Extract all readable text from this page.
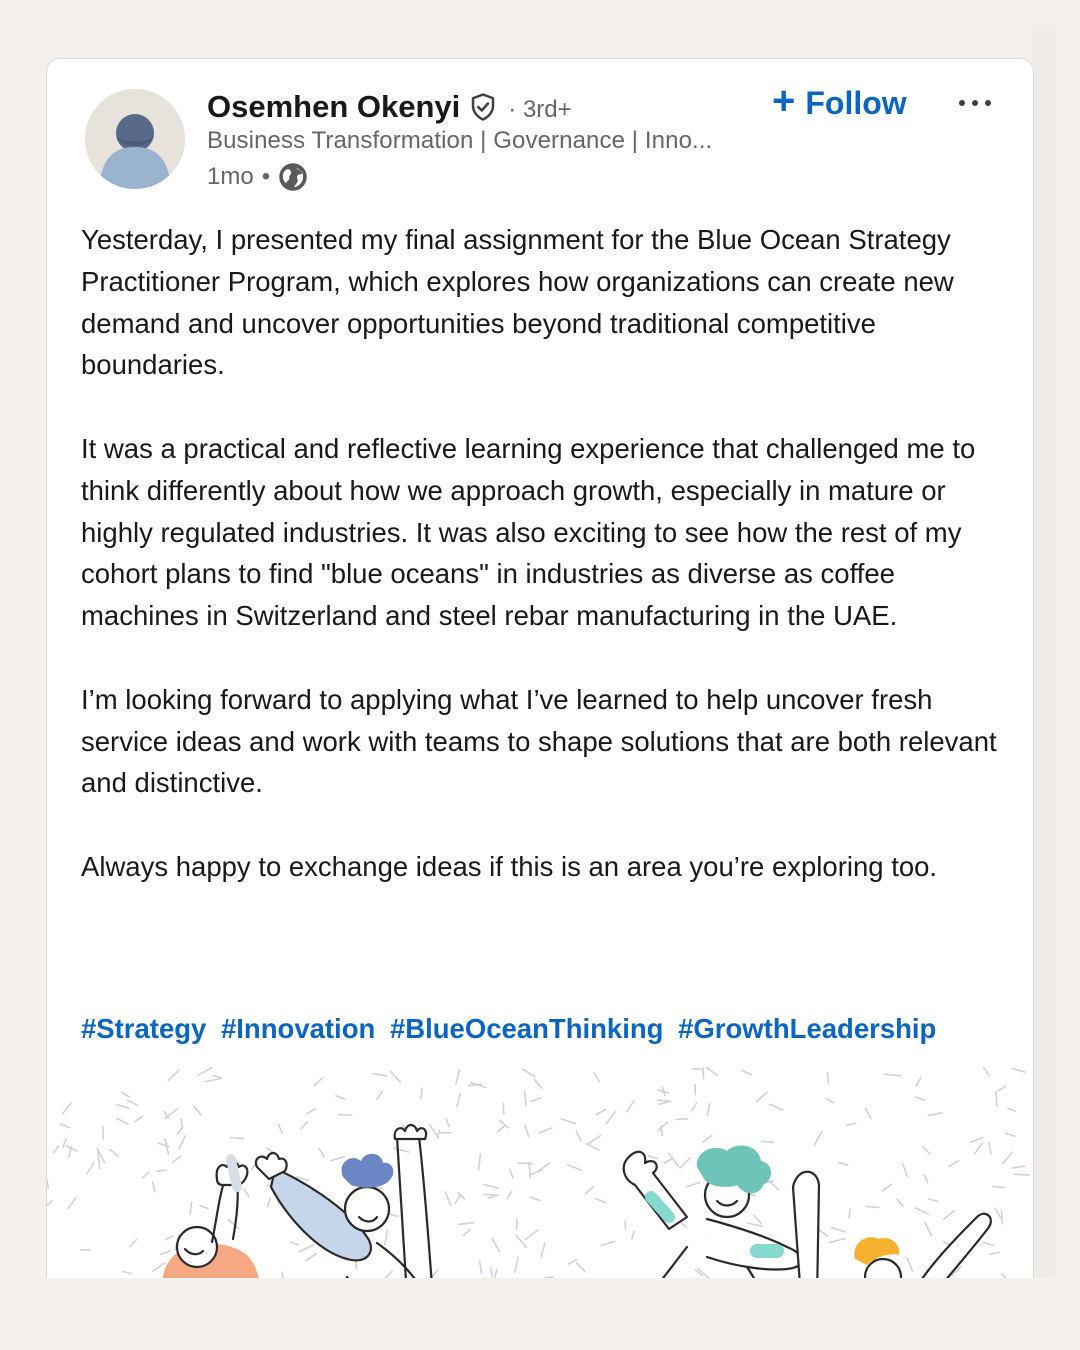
Osemhen Okenyi · 3rd+
Business Transformation | Governance | Inno...
1mo •
+ Follow

Yesterday, I presented my final assignment for the Blue Ocean Strategy Practitioner Program, which explores how organizations can create new demand and uncover opportunities beyond traditional competitive boundaries.

It was a practical and reflective learning experience that challenged me to think differently about how we approach growth, especially in mature or highly regulated industries. It was also exciting to see how the rest of my cohort plans to find "blue oceans" in industries as diverse as coffee machines in Switzerland and steel rebar manufacturing in the UAE.

I’m looking forward to applying what I’ve learned to help uncover fresh service ideas and work with teams to shape solutions that are both relevant and distinctive.

Always happy to exchange ideas if this is an area you’re exploring too.

#Strategy #Innovation #BlueOceanThinking #GrowthLeadership
